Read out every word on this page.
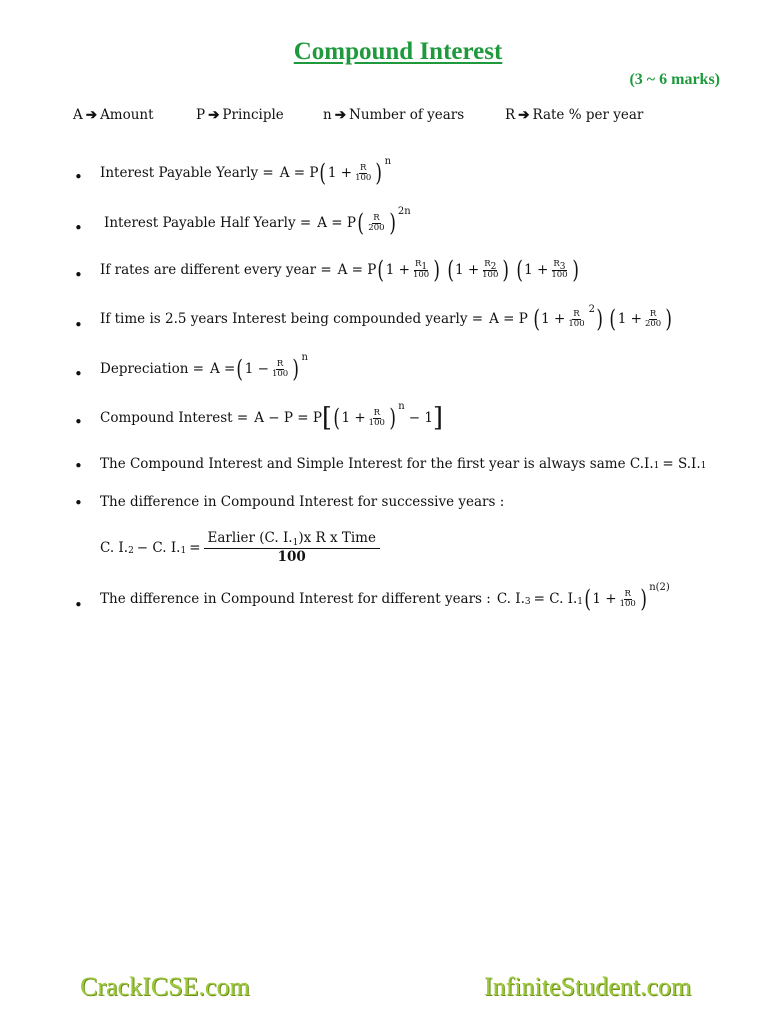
Compound Interest
(3 ~ 6 marks)
A ➔ Amount	P ➔ Principle	n ➔ Number of years	R ➔ Rate % per year
• Interest Payable Yearly = A = P ( $1 + \frac{R}{100}$ ) n
• Interest Payable Half Yearly = A = P ( $\frac{R}{200}$ ) 2n
• If rates are different every year = A = P ( $1 + \frac{R1}{100}$ ) ( $1 + \frac{R2}{100}$ ) ( $1 + \frac{R3}{100}$ )
• If time is 2.5 years Interest being compounded yearly = A = P ( $1 + \frac{R}{100}$
2 ) ( $1 + \frac{R}{200}$ )
• Depreciation = A = ( $1 - \frac{R}{100}$ ) n
• Compound Interest = A − P = P [ ( $1 + \frac{R}{100}$ ) n
− 1 ]
• The Compound Interest and Simple Interest for the first year is always same C.I. 1 = S.I. 1
• The difference in Compound Interest for successive years :
C. I. 2 − C. I. $1 = \frac{Earlier (C. I._1)x R x Time}{100}$
• The difference in Compound Interest for different years : C. I. 3 = C. I. 1 ( $1 + \frac{R}{100}$ ) n(2)
CrackICSE.com	InfiniteStudent.com
